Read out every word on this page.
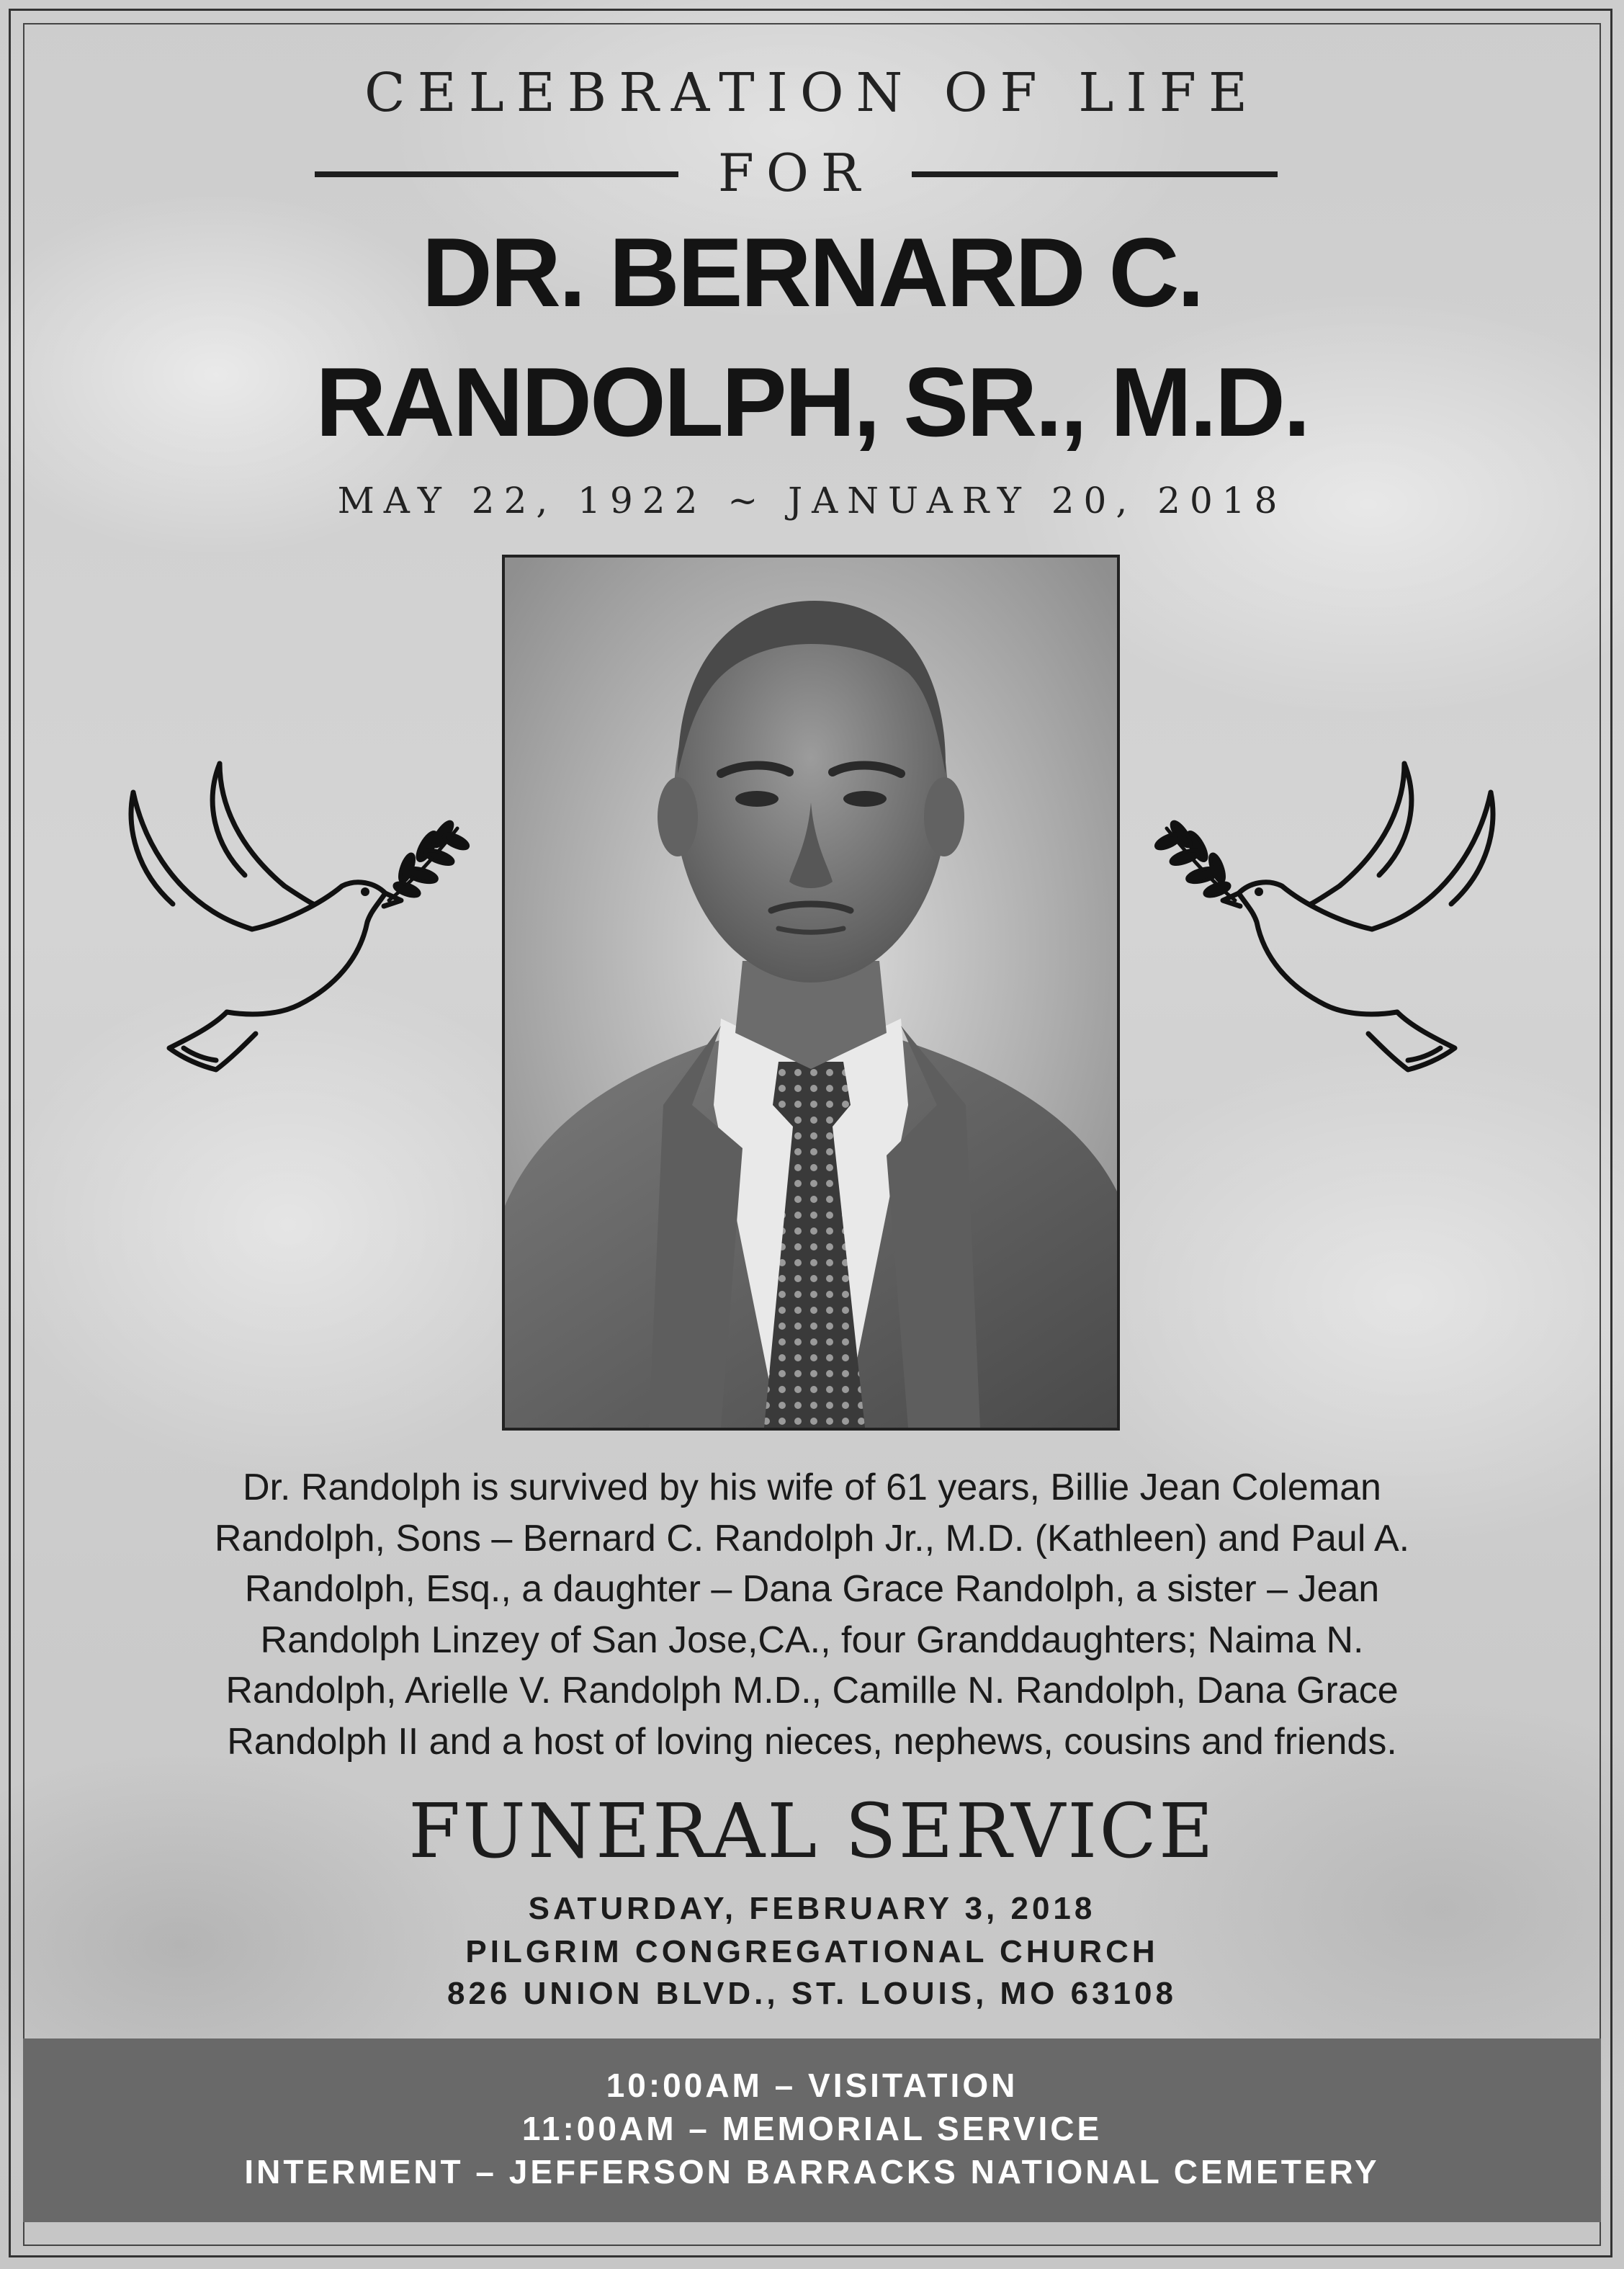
CELEBRATION OF LIFE
FOR
DR. BERNARD C.
RANDOLPH, SR., M.D.
MAY 22, 1922 ~ JANUARY 20, 2018
Dr. Randolph is survived by his wife of 61 years, Billie Jean Coleman
Randolph, Sons – Bernard C. Randolph Jr., M.D. (Kathleen) and Paul A.
Randolph, Esq., a daughter – Dana Grace Randolph, a sister – Jean
Randolph Linzey of San Jose,CA., four Granddaughters; Naima N.
Randolph, Arielle V. Randolph M.D., Camille N. Randolph, Dana Grace
Randolph II and a host of loving nieces, nephews, cousins and friends.
FUNERAL SERVICE
SATURDAY, FEBRUARY 3, 2018
PILGRIM CONGREGATIONAL CHURCH
826 UNION BLVD., ST. LOUIS, MO 63108
10:00AM – VISITATION
11:00AM – MEMORIAL SERVICE
INTERMENT – JEFFERSON BARRACKS NATIONAL CEMETERY
